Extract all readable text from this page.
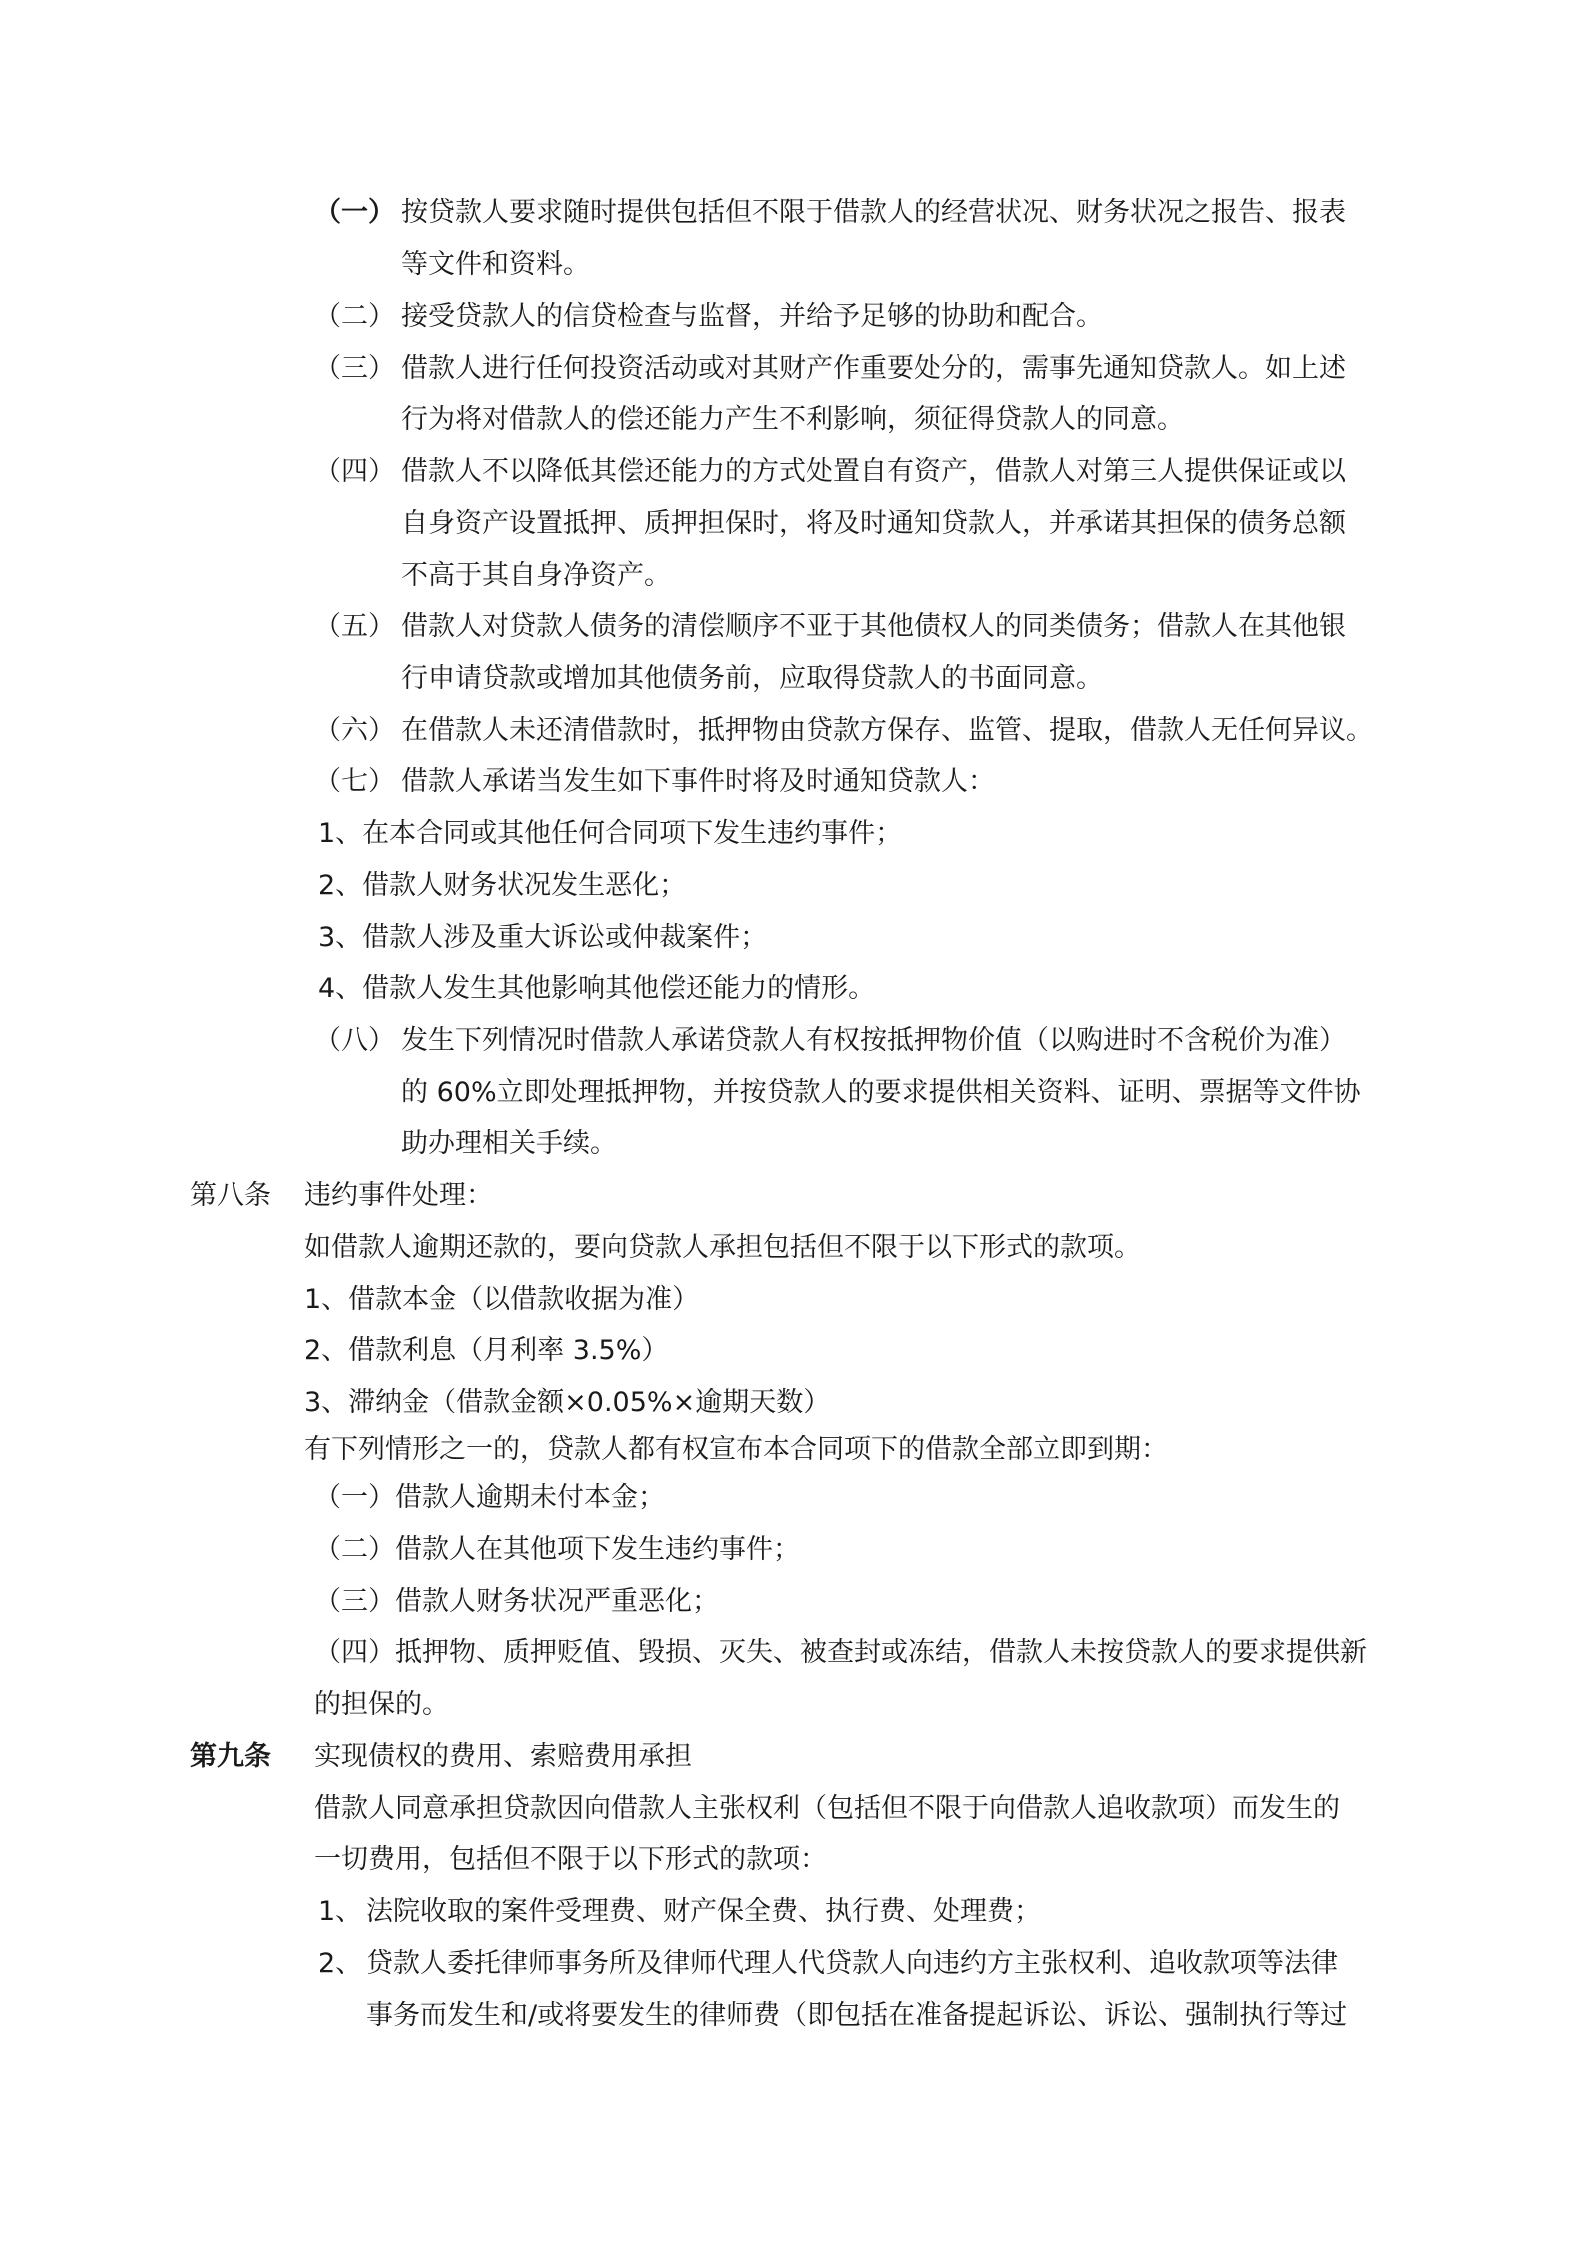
（一） 按贷款人要求随时提供包括但不限于借款人的经营状况、财务状况之报告、报表
等文件和资料。
（二） 接受贷款人的信贷检查与监督，并给予足够的协助和配合。
（三） 借款人进行任何投资活动或对其财产作重要处分的，需事先通知贷款人。如上述
行为将对借款人的偿还能力产生不利影响，须征得贷款人的同意。
（四） 借款人不以降低其偿还能力的方式处置自有资产，借款人对第三人提供保证或以
自身资产设置抵押、质押担保时，将及时通知贷款人，并承诺其担保的债务总额
不高于其自身净资产。
（五） 借款人对贷款人债务的清偿顺序不亚于其他债权人的同类债务；借款人在其他银
行申请贷款或增加其他债务前，应取得贷款人的书面同意。
（六） 在借款人未还清借款时，抵押物由贷款方保存、监管、提取，借款人无任何异议。
（七） 借款人承诺当发生如下事件时将及时通知贷款人：
1、在本合同或其他任何合同项下发生违约事件；
2、借款人财务状况发生恶化；
3、借款人涉及重大诉讼或仲裁案件；
4、借款人发生其他影响其他偿还能力的情形。
（八） 发生下列情况时借款人承诺贷款人有权按抵押物价值（以购进时不含税价为准）
的 60%立即处理抵押物，并按贷款人的要求提供相关资料、证明、票据等文件协
助办理相关手续。
第八条 违约事件处理：
如借款人逾期还款的，要向贷款人承担包括但不限于以下形式的款项。
1、借款本金（以借款收据为准）
2、借款利息（月利率 3.5%）
3、滞纳金（借款金额×0.05%×逾期天数）
有下列情形之一的，贷款人都有权宣布本合同项下的借款全部立即到期：
（一）借款人逾期未付本金；
（二）借款人在其他项下发生违约事件；
（三）借款人财务状况严重恶化；
（四）抵押物、质押贬值、毁损、灭失、被查封或冻结，借款人未按贷款人的要求提供新
的担保的。
第九条 实现债权的费用、索赔费用承担
借款人同意承担贷款因向借款人主张权利（包括但不限于向借款人追收款项）而发生的
一切费用，包括但不限于以下形式的款项：
1、 法院收取的案件受理费、财产保全费、执行费、处理费；
2、 贷款人委托律师事务所及律师代理人代贷款人向违约方主张权利、追收款项等法律
事务而发生和/或将要发生的律师费（即包括在准备提起诉讼、诉讼、强制执行等过
